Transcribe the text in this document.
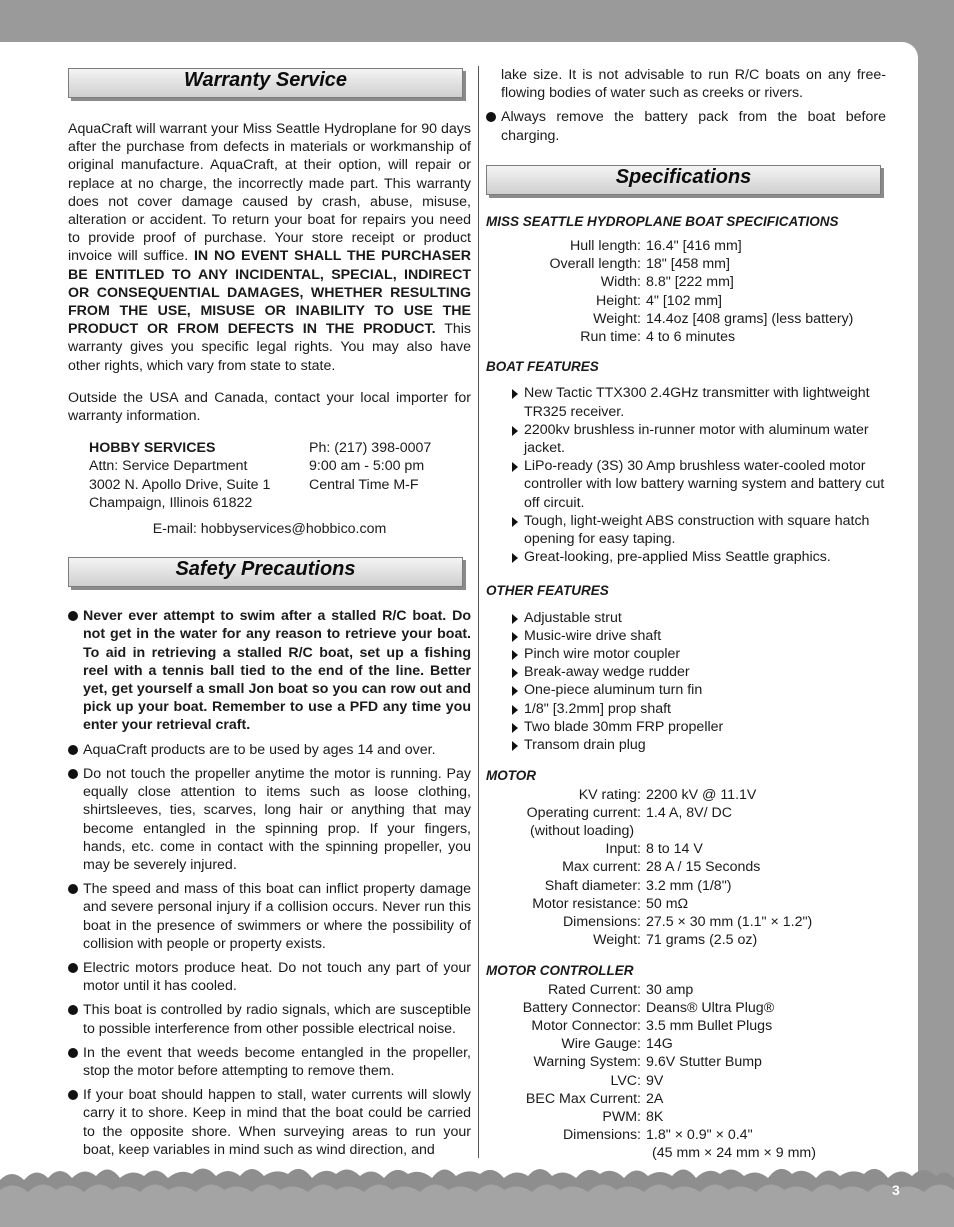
3
Warranty Service

AquaCraft will warrant your Miss Seattle Hydroplane for 90 days after the purchase from defects in materials or workmanship of original manufacture. AquaCraft, at their option, will repair or replace at no charge, the incorrectly made part. This warranty does not cover damage caused by crash, abuse, misuse, alteration or accident. To return your boat for repairs you need to provide proof of purchase. Your store receipt or product invoice will suffice. IN NO EVENT SHALL THE PURCHASER BE ENTITLED TO ANY INCIDENTAL, SPECIAL, INDIRECT OR CONSEQUENTIAL DAMAGES, WHETHER RESULTING FROM THE USE, MISUSE OR INABILITY TO USE THE PRODUCT OR FROM DEFECTS IN THE PRODUCT. This warranty gives you specific legal rights. You may also have other rights, which vary from state to state.

Outside the USA and Canada, contact your local importer for warranty information.

HOBBY SERVICES	Ph: (217) 398-0007
Attn: Service Department	9:00 am - 5:00 pm
3002 N. Apollo Drive, Suite 1	Central Time M-F
Champaign, Illinois 61822
E-mail: hobbyservices@hobbico.com
Safety Precautions
Never ever attempt to swim after a stalled R/C boat. Do not get in the water for any reason to retrieve your boat. To aid in retrieving a stalled R/C boat, set up a fishing reel with a tennis ball tied to the end of the line. Better yet, get yourself a small Jon boat so you can row out and pick up your boat. Remember to use a PFD any time you enter your retrieval craft.
AquaCraft products are to be used by ages 14 and over.
Do not touch the propeller anytime the motor is running. Pay equally close attention to items such as loose clothing, shirtsleeves, ties, scarves, long hair or anything that may become entangled in the spinning prop. If your fingers, hands, etc. come in contact with the spinning propeller, you may be severely injured.
The speed and mass of this boat can inflict property damage and severe personal injury if a collision occurs. Never run this boat in the presence of swimmers or where the possibility of collision with people or property exists.
Electric motors produce heat. Do not touch any part of your motor until it has cooled.
This boat is controlled by radio signals, which are susceptible to possible interference from other possible electrical noise.
In the event that weeds become entangled in the propeller, stop the motor before attempting to remove them.
If your boat should happen to stall, water currents will slowly carry it to shore. Keep in mind that the boat could be carried to the opposite shore. When surveying areas to run your boat, keep variables in mind such as wind direction, and

lake size. It is not advisable to run R/C boats on any free-flowing bodies of water such as creeks or rivers.

Always remove the battery pack from the boat before charging.
Specifications
MISS SEATTLE HYDROPLANE BOAT SPECIFICATIONS
Hull length: 16.4" [416 mm]
Overall length: 18" [458 mm]
Width: 8.8" [222 mm]
Height: 4" [102 mm]
Weight: 14.4oz [408 grams] (less battery)
Run time: 4 to 6 minutes
BOAT FEATURES
New Tactic TTX300 2.4GHz transmitter with lightweight TR325 receiver.
2200kv brushless in-runner motor with aluminum water jacket.
LiPo-ready (3S) 30 Amp brushless water-cooled motor controller with low battery warning system and battery cut off circuit.
Tough, light-weight ABS construction with square hatch opening for easy taping.
Great-looking, pre-applied Miss Seattle graphics.
OTHER FEATURES
Adjustable strut
Music-wire drive shaft
Pinch wire motor coupler
Break-away wedge rudder
One-piece aluminum turn fin
1/8" [3.2mm] prop shaft
Two blade 30mm FRP propeller
Transom drain plug
MOTOR
KV rating: 2200 kV @ 11.1V
Operating current: 1.4 A, 8V/ DC
(without loading)
Input: 8 to 14 V
Max current: 28 A / 15 Seconds
Shaft diameter: 3.2 mm (1/8")
Motor resistance: 50 mΩ
Dimensions: 27.5 × 30 mm (1.1" × 1.2")
Weight: 71 grams (2.5 oz)
MOTOR CONTROLLER
Rated Current: 30 amp
Battery Connector: Deans® Ultra Plug®
Motor Connector: 3.5 mm Bullet Plugs
Wire Gauge: 14G
Warning System: 9.6V Stutter Bump
LVC: 9V
BEC Max Current: 2A
PWM: 8K
Dimensions: 1.8" × 0.9" × 0.4"
(45 mm × 24 mm × 9 mm)
